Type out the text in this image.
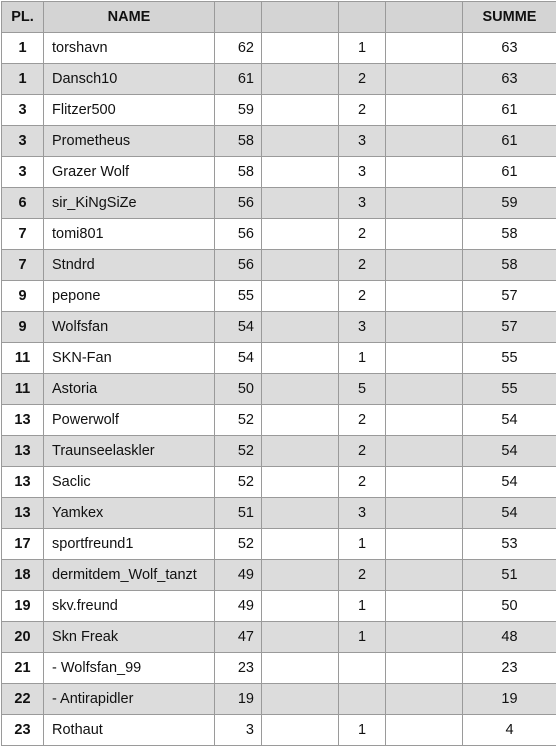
PL.	NAME					SUMME
1	torshavn	62		1		63
1	Dansch10	61		2		63
3	Flitzer500	59		2		61
3	Prometheus	58		3		61
3	Grazer Wolf	58		3		61
6	sir_KiNgSiZe	56		3		59
7	tomi801	56		2		58
7	Stndrd	56		2		58
9	pepone	55		2		57
9	Wolfsfan	54		3		57
11	SKN-Fan	54		1		55
11	Astoria	50		5		55
13	Powerwolf	52		2		54
13	Traunseelaskler	52		2		54
13	Saclic	52		2		54
13	Yamkex	51		3		54
17	sportfreund1	52		1		53
18	dermitdem_Wolf_tanzt	49		2		51
19	skv.freund	49		1		50
20	Skn Freak	47		1		48
21	- Wolfsfan_99	23				23
22	- Antirapidler	19				19
23	Rothaut	3		1		4
